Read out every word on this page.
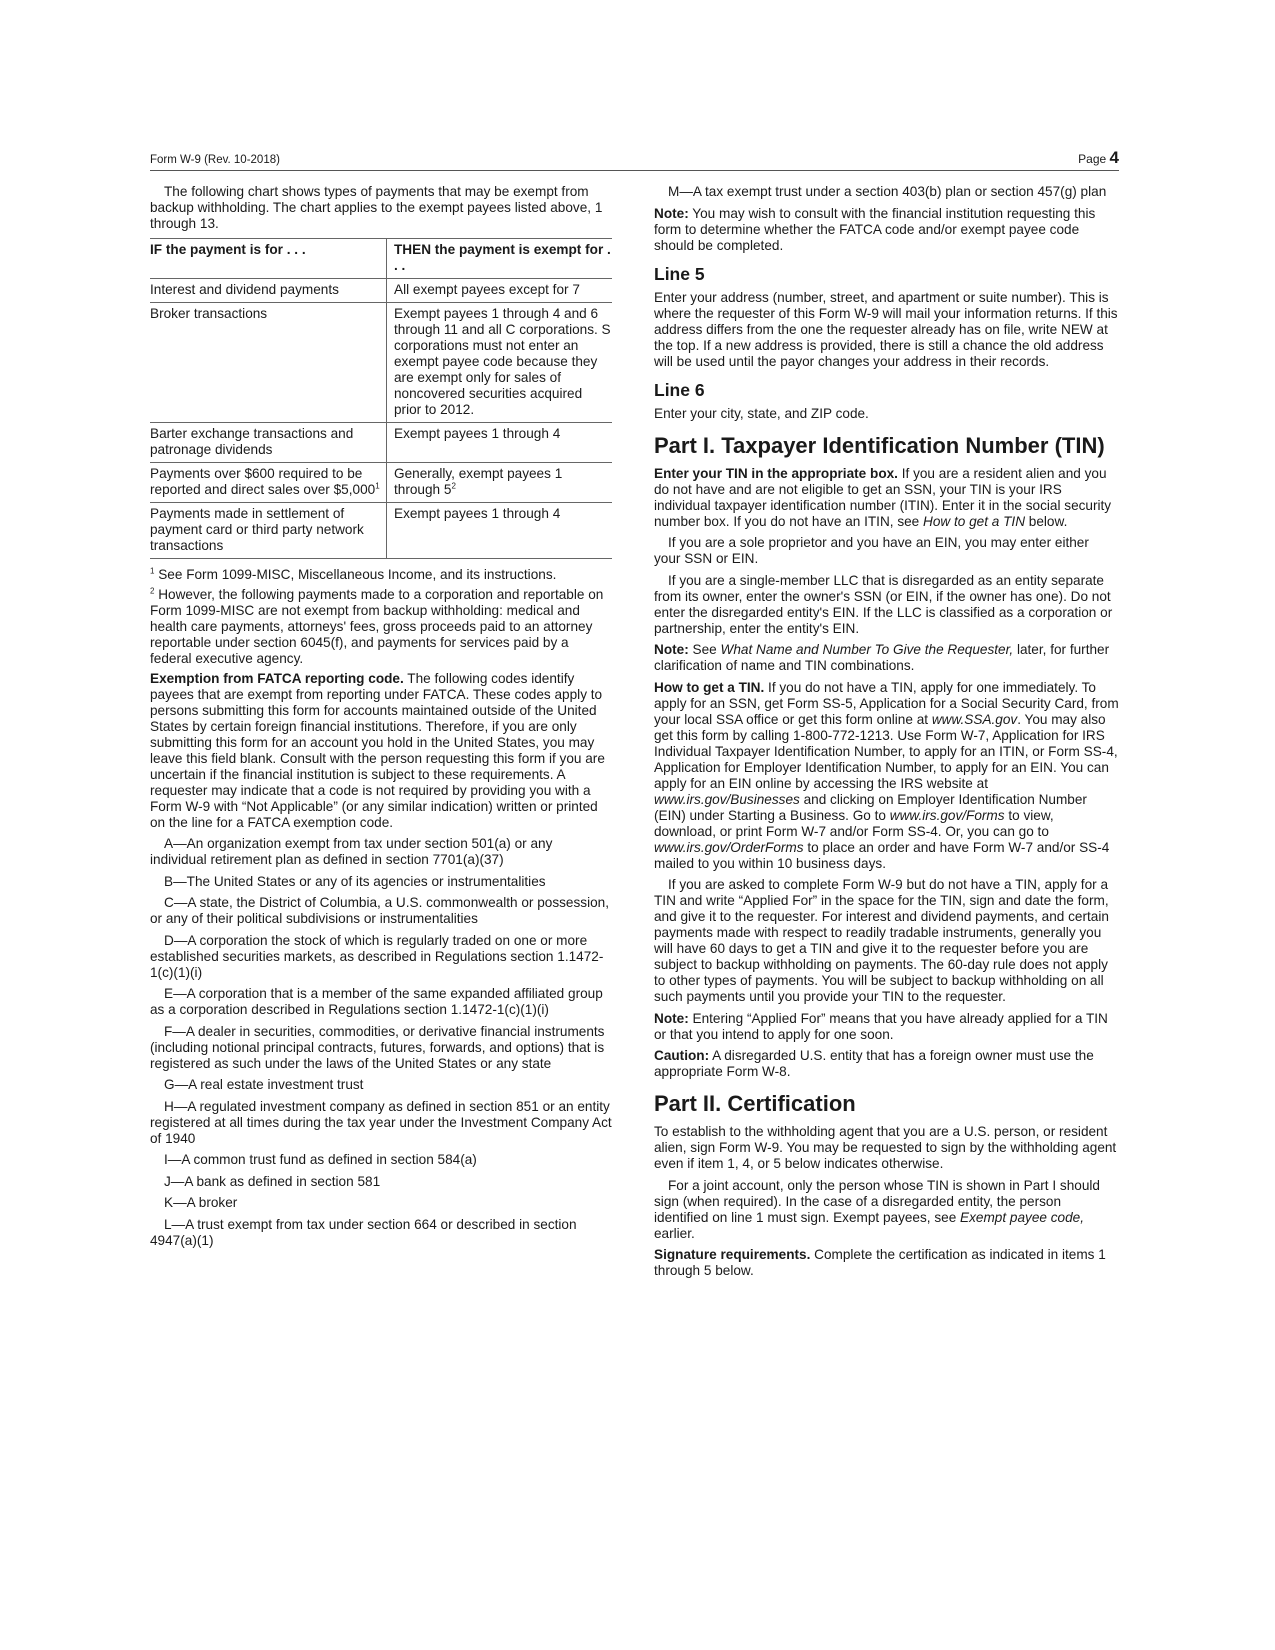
Form W-9 (Rev. 10-2018)	Page 4

The following chart shows types of payments that may be exempt from backup withholding. The chart applies to the exempt payees listed above, 1 through 13.

IF the payment is for . . .	THEN the payment is exempt for . . .
Interest and dividend payments	All exempt payees except for 7
Broker transactions	Exempt payees 1 through 4 and 6 through 11 and all C corporations. S corporations must not enter an exempt payee code because they are exempt only for sales of noncovered securities acquired prior to 2012.
Barter exchange transactions and patronage dividends	Exempt payees 1 through 4
Payments over $600 required to be reported and direct sales over $5,000$^1$	Generally, exempt payees 1 through $5^2$
Payments made in settlement of payment card or third party network transactions	Exempt payees 1 through 4
$^1$ See Form 1099-MISC, Miscellaneous Income, and its instructions.
$^2$ However, the following payments made to a corporation and reportable on Form 1099-MISC are not exempt from backup withholding: medical and health care payments, attorneys' fees, gross proceeds paid to an attorney reportable under section 6045(f), and payments for services paid by a federal executive agency.

Exemption from FATCA reporting code. The following codes identify payees that are exempt from reporting under FATCA. These codes apply to persons submitting this form for accounts maintained outside of the United States by certain foreign financial institutions. Therefore, if you are only submitting this form for an account you hold in the United States, you may leave this field blank. Consult with the person requesting this form if you are uncertain if the financial institution is subject to these requirements. A requester may indicate that a code is not required by providing you with a Form W-9 with “Not Applicable” (or any similar indication) written or printed on the line for a FATCA exemption code.

A—An organization exempt from tax under section 501(a) or any individual retirement plan as defined in section 7701(a)(37)

B—The United States or any of its agencies or instrumentalities

C—A state, the District of Columbia, a U.S. commonwealth or possession, or any of their political subdivisions or instrumentalities

D—A corporation the stock of which is regularly traded on one or more established securities markets, as described in Regulations section 1.1472-1(c)(1)(i)

E—A corporation that is a member of the same expanded affiliated group as a corporation described in Regulations section 1.1472-1(c)(1)(i)

F—A dealer in securities, commodities, or derivative financial instruments (including notional principal contracts, futures, forwards, and options) that is registered as such under the laws of the United States or any state

G—A real estate investment trust

H—A regulated investment company as defined in section 851 or an entity registered at all times during the tax year under the Investment Company Act of 1940

I—A common trust fund as defined in section 584(a)

J—A bank as defined in section 581

K—A broker

L—A trust exempt from tax under section 664 or described in section 4947(a)(1)

M—A tax exempt trust under a section 403(b) plan or section 457(g) plan

Note: You may wish to consult with the financial institution requesting this form to determine whether the FATCA code and/or exempt payee code should be completed.

Line 5

Enter your address (number, street, and apartment or suite number). This is where the requester of this Form W-9 will mail your information returns. If this address differs from the one the requester already has on file, write NEW at the top. If a new address is provided, there is still a chance the old address will be used until the payor changes your address in their records.

Line 6

Enter your city, state, and ZIP code.

Part I. Taxpayer Identification Number (TIN)

Enter your TIN in the appropriate box. If you are a resident alien and you do not have and are not eligible to get an SSN, your TIN is your IRS individual taxpayer identification number (ITIN). Enter it in the social security number box. If you do not have an ITIN, see How to get a TIN below.

If you are a sole proprietor and you have an EIN, you may enter either your SSN or EIN.

If you are a single-member LLC that is disregarded as an entity separate from its owner, enter the owner's SSN (or EIN, if the owner has one). Do not enter the disregarded entity's EIN. If the LLC is classified as a corporation or partnership, enter the entity's EIN.

Note: See What Name and Number To Give the Requester, later, for further clarification of name and TIN combinations.

How to get a TIN. If you do not have a TIN, apply for one immediately. To apply for an SSN, get Form SS-5, Application for a Social Security Card, from your local SSA office or get this form online at www.SSA.gov. You may also get this form by calling 1-800-772-1213. Use Form W-7, Application for IRS Individual Taxpayer Identification Number, to apply for an ITIN, or Form SS-4, Application for Employer Identification Number, to apply for an EIN. You can apply for an EIN online by accessing the IRS website at www.irs.gov/Businesses and clicking on Employer Identification Number (EIN) under Starting a Business. Go to www.irs.gov/Forms to view, download, or print Form W-7 and/or Form SS-4. Or, you can go to www.irs.gov/OrderForms to place an order and have Form W-7 and/or SS-4 mailed to you within 10 business days.

If you are asked to complete Form W-9 but do not have a TIN, apply for a TIN and write “Applied For” in the space for the TIN, sign and date the form, and give it to the requester. For interest and dividend payments, and certain payments made with respect to readily tradable instruments, generally you will have 60 days to get a TIN and give it to the requester before you are subject to backup withholding on payments. The 60-day rule does not apply to other types of payments. You will be subject to backup withholding on all such payments until you provide your TIN to the requester.

Note: Entering “Applied For” means that you have already applied for a TIN or that you intend to apply for one soon.

Caution: A disregarded U.S. entity that has a foreign owner must use the appropriate Form W-8.

Part II. Certification

To establish to the withholding agent that you are a U.S. person, or resident alien, sign Form W-9. You may be requested to sign by the withholding agent even if item 1, 4, or 5 below indicates otherwise.

For a joint account, only the person whose TIN is shown in Part I should sign (when required). In the case of a disregarded entity, the person identified on line 1 must sign. Exempt payees, see Exempt payee code, earlier.

Signature requirements. Complete the certification as indicated in items 1 through 5 below.
